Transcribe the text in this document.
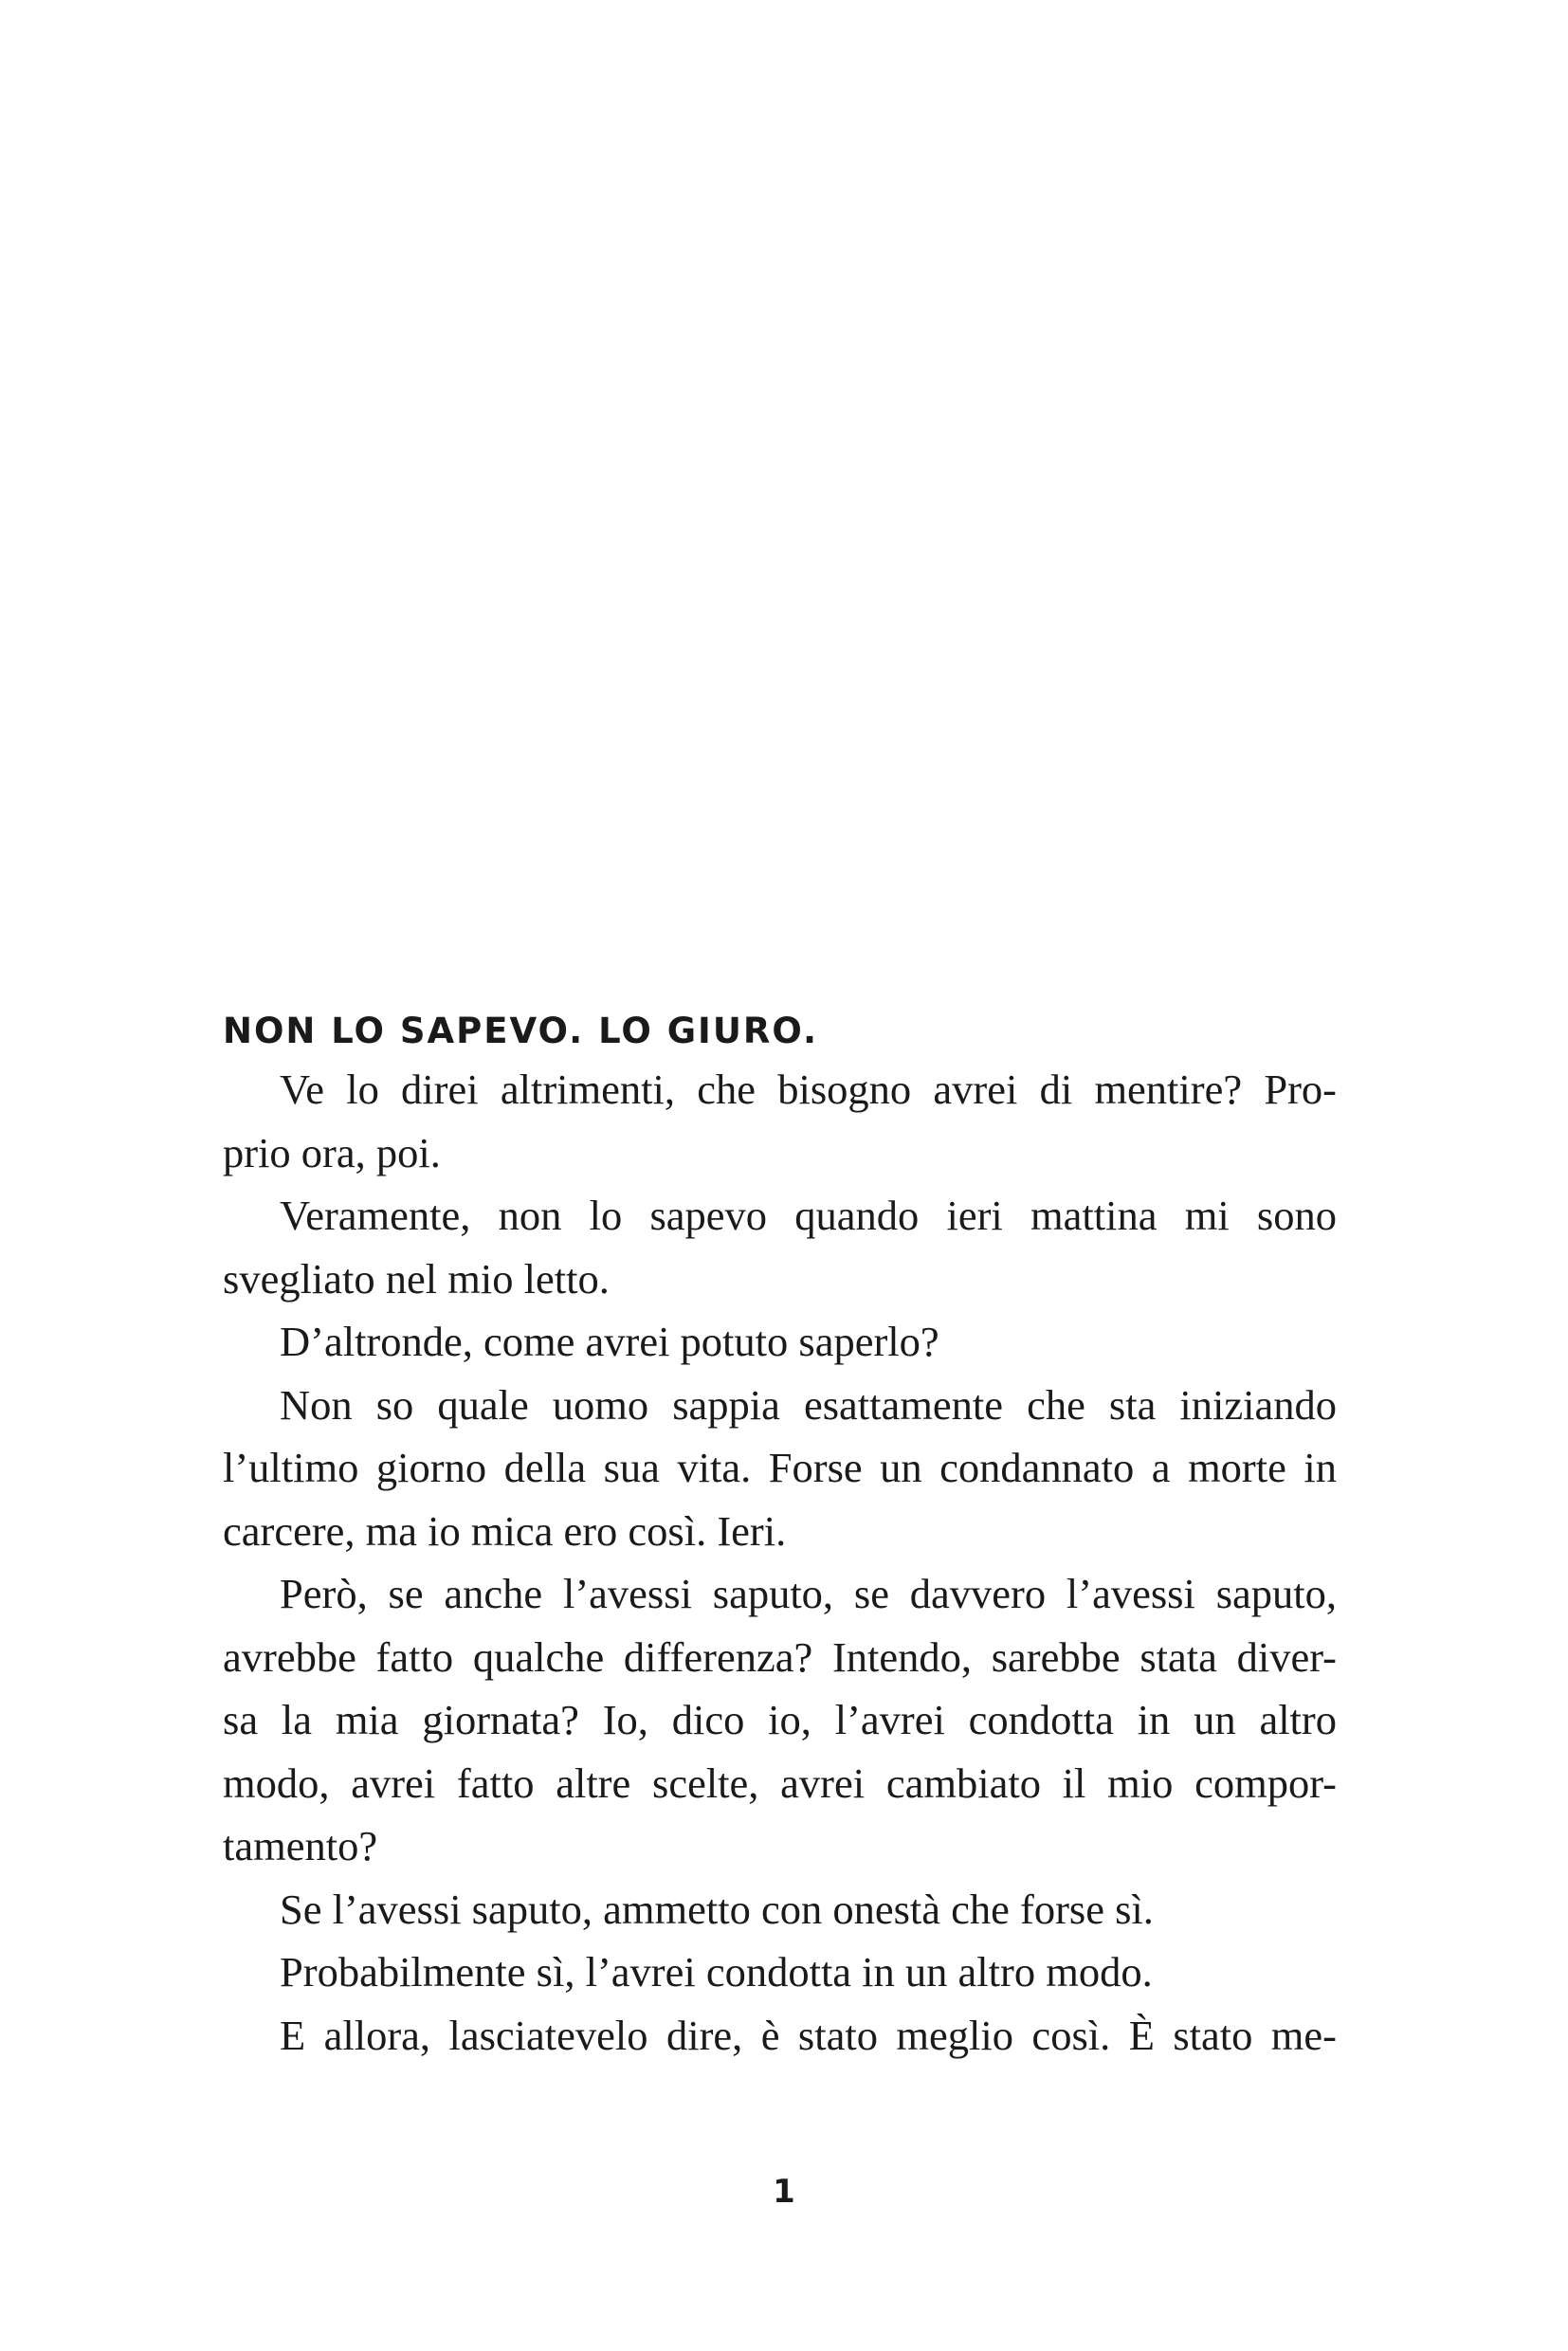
NON LO SAPEVO. LO GIURO.
Ve lo direi altrimenti, che bisogno avrei di mentire? Pro-
prio ora, poi.
Veramente, non lo sapevo quando ieri mattina mi sono
svegliato nel mio letto.
D’altronde, come avrei potuto saperlo?
Non so quale uomo sappia esattamente che sta iniziando
l’ultimo giorno della sua vita. Forse un condannato a morte in
carcere, ma io mica ero così. Ieri.
Però, se anche l’avessi saputo, se davvero l’avessi saputo,
avrebbe fatto qualche differenza? Intendo, sarebbe stata diver-
sa la mia giornata? Io, dico io, l’avrei condotta in un altro
modo, avrei fatto altre scelte, avrei cambiato il mio compor-
tamento?
Se l’avessi saputo, ammetto con onestà che forse sì.
Probabilmente sì, l’avrei condotta in un altro modo.
E allora, lasciatevelo dire, è stato meglio così. È stato me-
1
